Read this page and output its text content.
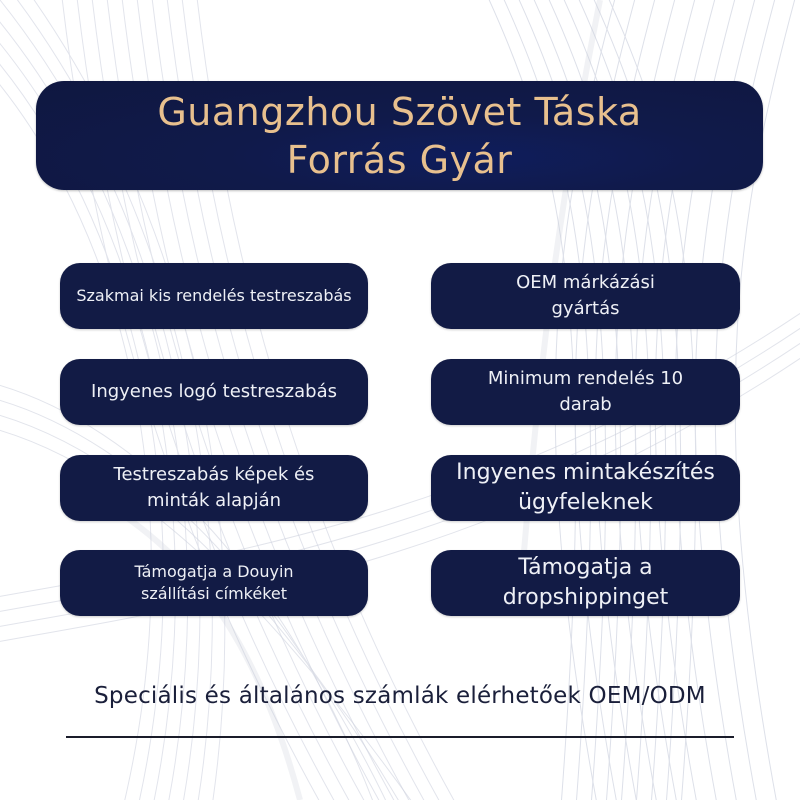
Guangzhou Szövet Táska
Forrás Gyár
Szakmai kis rendelés testreszabás
OEM márkázási
gyártás
Ingyenes logó testreszabás
Minimum rendelés 10
darab
Testreszabás képek és
minták alapján
Ingyenes mintakészítés
ügyfeleknek
Támogatja a Douyin
szállítási címkéket
Támogatja a
dropshippinget
Speciális és általános számlák elérhetőek OEM/ODM
